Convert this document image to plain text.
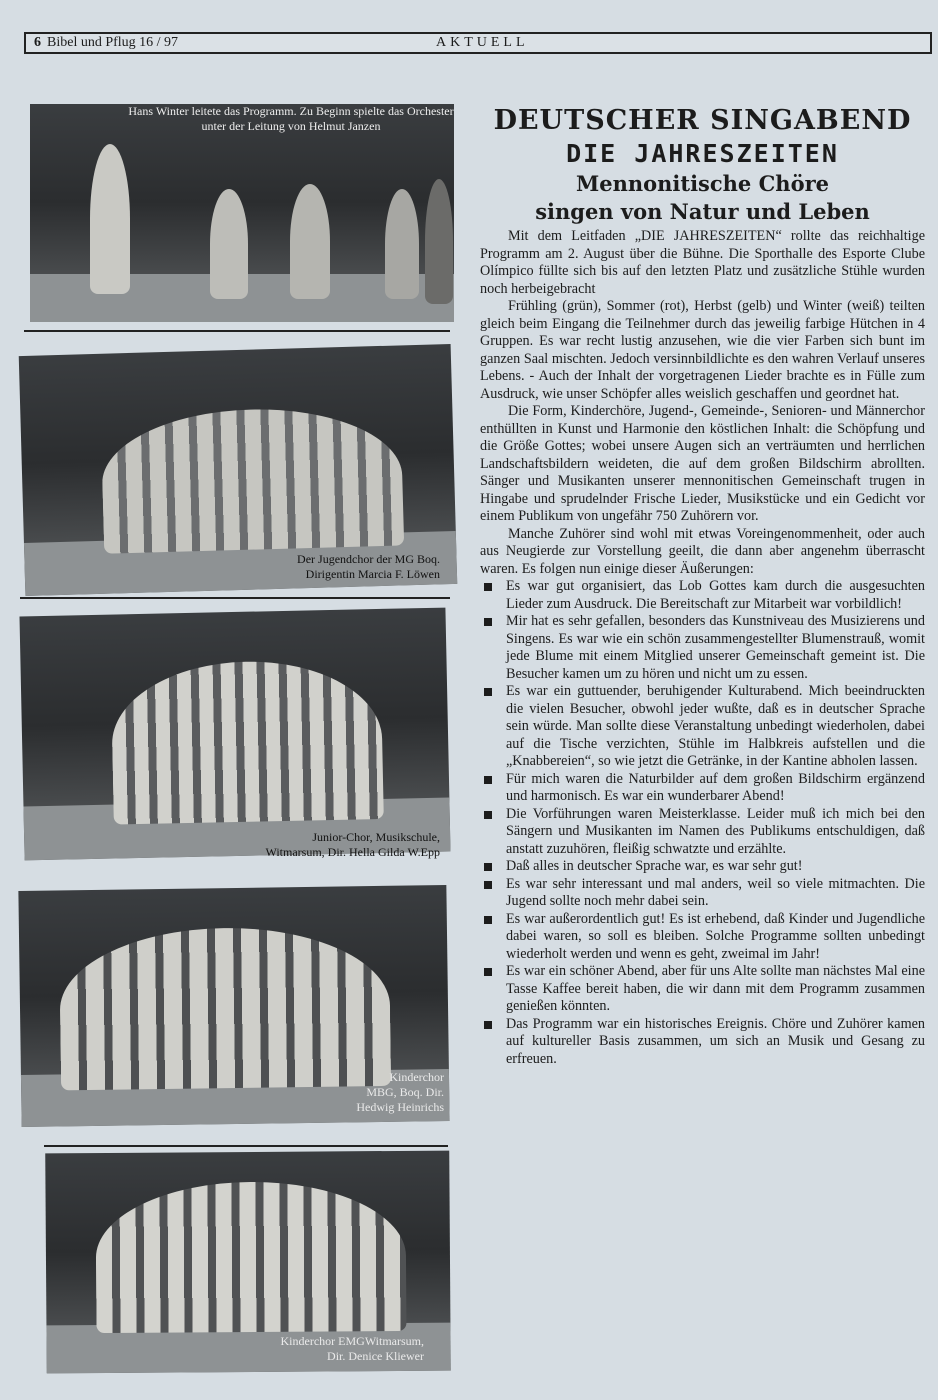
6 Bibel und Pflug 16 / 97	AKTUELL
Hans Winter leitete das Programm. Zu Beginn spielte das Orchester unter der Leitung von Helmut Janzen
Der Jugendchor der MG Boq.
Dirigentin Marcia F. Löwen
Junior-Chor, Musikschule,
Witmarsum, Dir. Hella Gilda W.Epp
Kinderchor
MBG, Boq. Dir.
Hedwig Heinrichs
Kinderchor EMGWitmarsum,
Dir. Denice Kliewer
DEUTSCHER SINGABEND
DIE JAHRESZEITEN
Mennonitische Chöre
singen von Natur und Leben

Mit dem Leitfaden „DIE JAHRESZEITEN“ rollte das reichhaltige Programm am 2. August über die Bühne. Die Sporthalle des Esporte Clube Olímpico füllte sich bis auf den letzten Platz und zusätzliche Stühle wurden noch herbeigebracht

Frühling (grün), Sommer (rot), Herbst (gelb) und Winter (weiß) teilten gleich beim Eingang die Teilnehmer durch das jeweilig farbige Hütchen in 4 Gruppen. Es war recht lustig anzusehen, wie die vier Farben sich bunt im ganzen Saal mischten. Jedoch versinnbildlichte es den wahren Verlauf unseres Lebens. - Auch der Inhalt der vorgetragenen Lieder brachte es in Fülle zum Ausdruck, wie unser Schöpfer alles weislich geschaffen und geordnet hat.

Die Form, Kinderchöre, Jugend-, Gemeinde-, Senioren- und Männerchor enthüllten in Kunst und Harmonie den köstlichen Inhalt: die Schöpfung und die Größe Gottes; wobei unsere Augen sich an verträumten und herrlichen Landschaftsbildern weideten, die auf dem großen Bildschirm abrollten. Sänger und Musikanten unserer mennonitischen Gemeinschaft trugen in Hingabe und sprudelnder Frische Lieder, Musikstücke und ein Gedicht vor einem Publikum von ungefähr 750 Zuhörern vor.

Manche Zuhörer sind wohl mit etwas Voreingenommenheit, oder auch aus Neugierde zur Vorstellung geeilt, die dann aber angenehm überrascht waren. Es folgen nun einige dieser Äußerungen:

Es war gut organisiert, das Lob Gottes kam durch die ausgesuchten Lieder zum Ausdruck. Die Bereitschaft zur Mitarbeit war vorbildlich!
Mir hat es sehr gefallen, besonders das Kunstniveau des Musizierens und Singens. Es war wie ein schön zusammengestellter Blumenstrauß, womit jede Blume mit einem Mitglied unserer Gemeinschaft gemeint ist. Die Besucher kamen um zu hören und nicht um zu essen.
Es war ein guttuender, beruhigender Kulturabend. Mich beeindruckten die vielen Besucher, obwohl jeder wußte, daß es in deutscher Sprache sein würde. Man sollte diese Veranstaltung unbedingt wiederholen, dabei auf die Tische verzichten, Stühle im Halbkreis aufstellen und die „Knabbereien“, so wie jetzt die Getränke, in der Kantine abholen lassen.
Für mich waren die Naturbilder auf dem großen Bildschirm ergänzend und harmonisch. Es war ein wunderbarer Abend!
Die Vorführungen waren Meisterklasse. Leider muß ich mich bei den Sängern und Musikanten im Namen des Publikums entschuldigen, daß anstatt zuzuhören, fleißig schwatzte und erzählte.
Daß alles in deutscher Sprache war, es war sehr gut!
Es war sehr interessant und mal anders, weil so viele mitmachten. Die Jugend sollte noch mehr dabei sein.
Es war außerordentlich gut! Es ist erhebend, daß Kinder und Jugendliche dabei waren, so soll es bleiben. Solche Programme sollten unbedingt wiederholt werden und wenn es geht, zweimal im Jahr!
Es war ein schöner Abend, aber für uns Alte sollte man nächstes Mal eine Tasse Kaffee bereit haben, die wir dann mit dem Programm zusammen genießen könnten.
Das Programm war ein historisches Ereignis. Chöre und Zuhörer kamen auf kultureller Basis zusammen, um sich an Musik und Gesang zu erfreuen.
